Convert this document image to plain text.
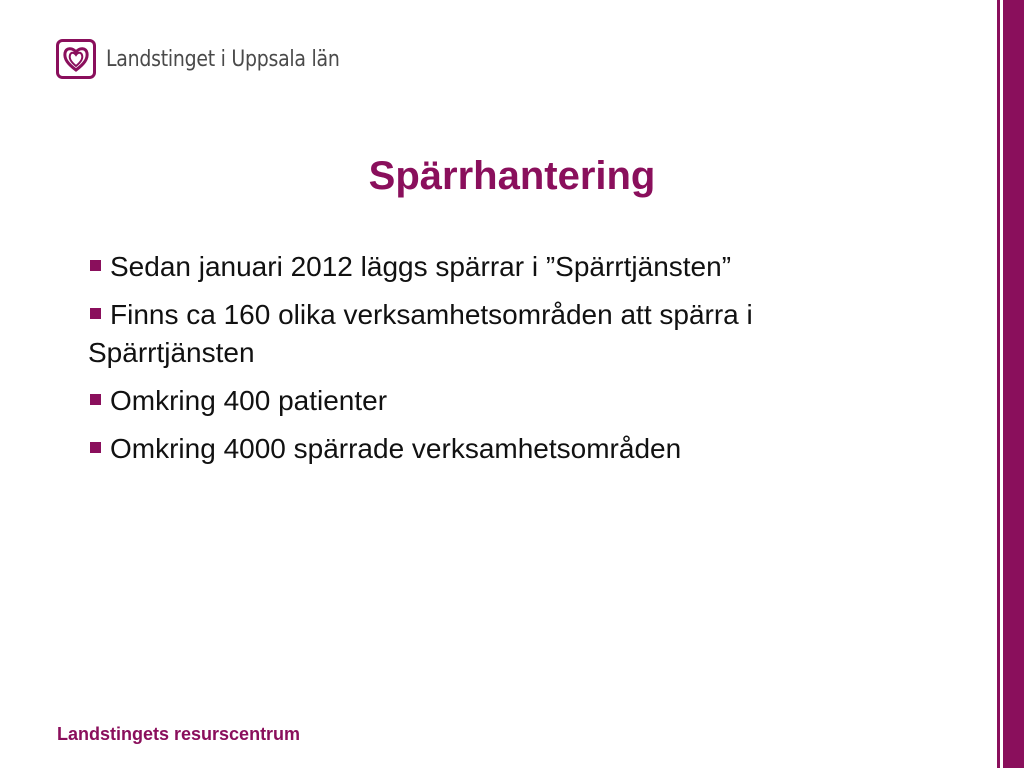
Landstinget i Uppsala län
Spärrhantering
Sedan januari 2012 läggs spärrar i ”Spärrtjänsten”
Finns ca 160 olika verksamhetsområden att spärra i Spärrtjänsten
Omkring 400 patienter
Omkring 4000 spärrade verksamhetsområden
Landstingets resurscentrum
